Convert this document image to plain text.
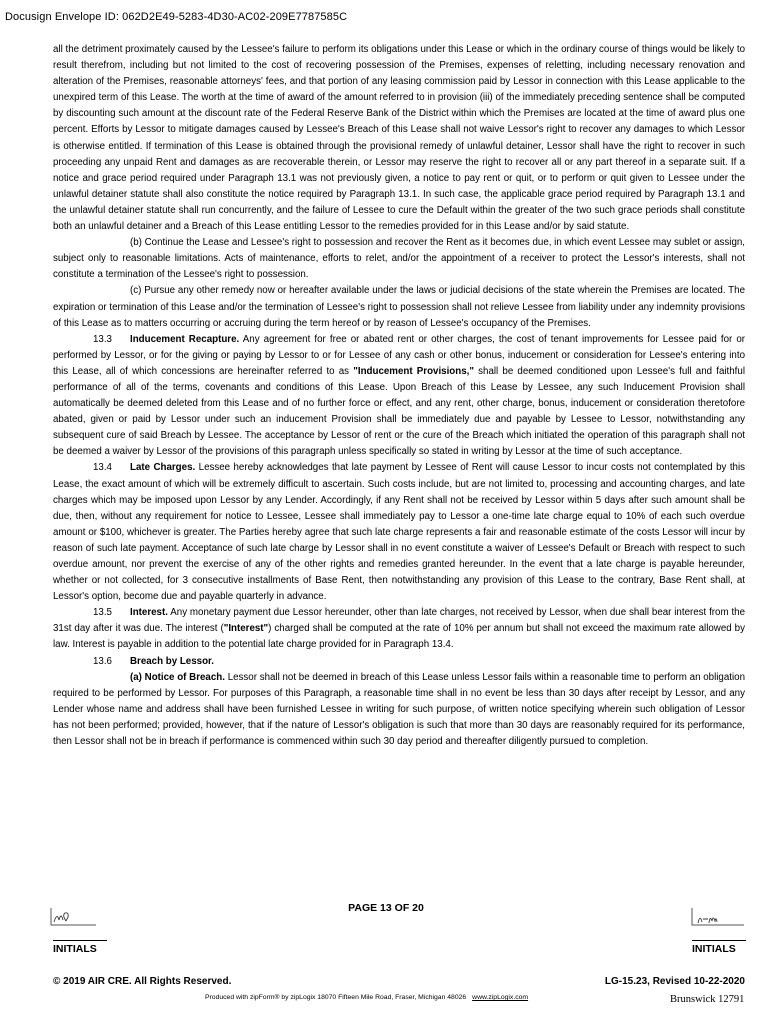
Docusign Envelope ID: 062D2E49-5283-4D30-AC02-209E7787585C

all the detriment proximately caused by the Lessee's failure to perform its obligations under this Lease or which in the ordinary course of things would be likely to result therefrom, including but not limited to the cost of recovering possession of the Premises, expenses of reletting, including necessary renovation and alteration of the Premises, reasonable attorneys' fees, and that portion of any leasing commission paid by Lessor in connection with this Lease applicable to the unexpired term of this Lease. The worth at the time of award of the amount referred to in provision (iii) of the immediately preceding sentence shall be computed by discounting such amount at the discount rate of the Federal Reserve Bank of the District within which the Premises are located at the time of award plus one percent. Efforts by Lessor to mitigate damages caused by Lessee's Breach of this Lease shall not waive Lessor's right to recover any damages to which Lessor is otherwise entitled. If termination of this Lease is obtained through the provisional remedy of unlawful detainer, Lessor shall have the right to recover in such proceeding any unpaid Rent and damages as are recoverable therein, or Lessor may reserve the right to recover all or any part thereof in a separate suit. If a notice and grace period required under Paragraph 13.1 was not previously given, a notice to pay rent or quit, or to perform or quit given to Lessee under the unlawful detainer statute shall also constitute the notice required by Paragraph 13.1. In such case, the applicable grace period required by Paragraph 13.1 and the unlawful detainer statute shall run concurrently, and the failure of Lessee to cure the Default within the greater of the two such grace periods shall constitute both an unlawful detainer and a Breach of this Lease entitling Lessor to the remedies provided for in this Lease and/or by said statute.

(b) Continue the Lease and Lessee's right to possession and recover the Rent as it becomes due, in which event Lessee may sublet or assign, subject only to reasonable limitations. Acts of maintenance, efforts to relet, and/or the appointment of a receiver to protect the Lessor's interests, shall not constitute a termination of the Lessee's right to possession.

(c) Pursue any other remedy now or hereafter available under the laws or judicial decisions of the state wherein the Premises are located. The expiration or termination of this Lease and/or the termination of Lessee's right to possession shall not relieve Lessee from liability under any indemnity provisions of this Lease as to matters occurring or accruing during the term hereof or by reason of Lessee's occupancy of the Premises.

13.3 Inducement Recapture. Any agreement for free or abated rent or other charges, the cost of tenant improvements for Lessee paid for or performed by Lessor, or for the giving or paying by Lessor to or for Lessee of any cash or other bonus, inducement or consideration for Lessee's entering into this Lease, all of which concessions are hereinafter referred to as "Inducement Provisions," shall be deemed conditioned upon Lessee's full and faithful performance of all of the terms, covenants and conditions of this Lease. Upon Breach of this Lease by Lessee, any such Inducement Provision shall automatically be deemed deleted from this Lease and of no further force or effect, and any rent, other charge, bonus, inducement or consideration theretofore abated, given or paid by Lessor under such an inducement Provision shall be immediately due and payable by Lessee to Lessor, notwithstanding any subsequent cure of said Breach by Lessee. The acceptance by Lessor of rent or the cure of the Breach which initiated the operation of this paragraph shall not be deemed a waiver by Lessor of the provisions of this paragraph unless specifically so stated in writing by Lessor at the time of such acceptance.

13.4 Late Charges. Lessee hereby acknowledges that late payment by Lessee of Rent will cause Lessor to incur costs not contemplated by this Lease, the exact amount of which will be extremely difficult to ascertain. Such costs include, but are not limited to, processing and accounting charges, and late charges which may be imposed upon Lessor by any Lender. Accordingly, if any Rent shall not be received by Lessor within 5 days after such amount shall be due, then, without any requirement for notice to Lessee, Lessee shall immediately pay to Lessor a one-time late charge equal to 10% of each such overdue amount or $100, whichever is greater. The Parties hereby agree that such late charge represents a fair and reasonable estimate of the costs Lessor will incur by reason of such late payment. Acceptance of such late charge by Lessor shall in no event constitute a waiver of Lessee's Default or Breach with respect to such overdue amount, nor prevent the exercise of any of the other rights and remedies granted hereunder. In the event that a late charge is payable hereunder, whether or not collected, for 3 consecutive installments of Base Rent, then notwithstanding any provision of this Lease to the contrary, Base Rent shall, at Lessor's option, become due and payable quarterly in advance.

13.5 Interest. Any monetary payment due Lessor hereunder, other than late charges, not received by Lessor, when due shall bear interest from the 31st day after it was due. The interest ("Interest") charged shall be computed at the rate of 10% per annum but shall not exceed the maximum rate allowed by law. Interest is payable in addition to the potential late charge provided for in Paragraph 13.4.

13.6 Breach by Lessor.

(a) Notice of Breach. Lessor shall not be deemed in breach of this Lease unless Lessor fails within a reasonable time to perform an obligation required to be performed by Lessor. For purposes of this Paragraph, a reasonable time shall in no event be less than 30 days after receipt by Lessor, and any Lender whose name and address shall have been furnished Lessee in writing for such purpose, of written notice specifying wherein such obligation of Lessor has not been performed; provided, however, that if the nature of Lessor's obligation is such that more than 30 days are reasonably required for its performance, then Lessor shall not be in breach if performance is commenced within such 30 day period and thereafter diligently pursued to completion.

PAGE 13 OF 20
INITIALS	INITIALS
© 2019 AIR CRE. All Rights Reserved.	LG-15.23, Revised 10-22-2020
Produced with zipForm® by zipLogix 18070 Fifteen Mile Road, Fraser, Michigan 48026 www.zipLogix.com	Brunswick 12791
